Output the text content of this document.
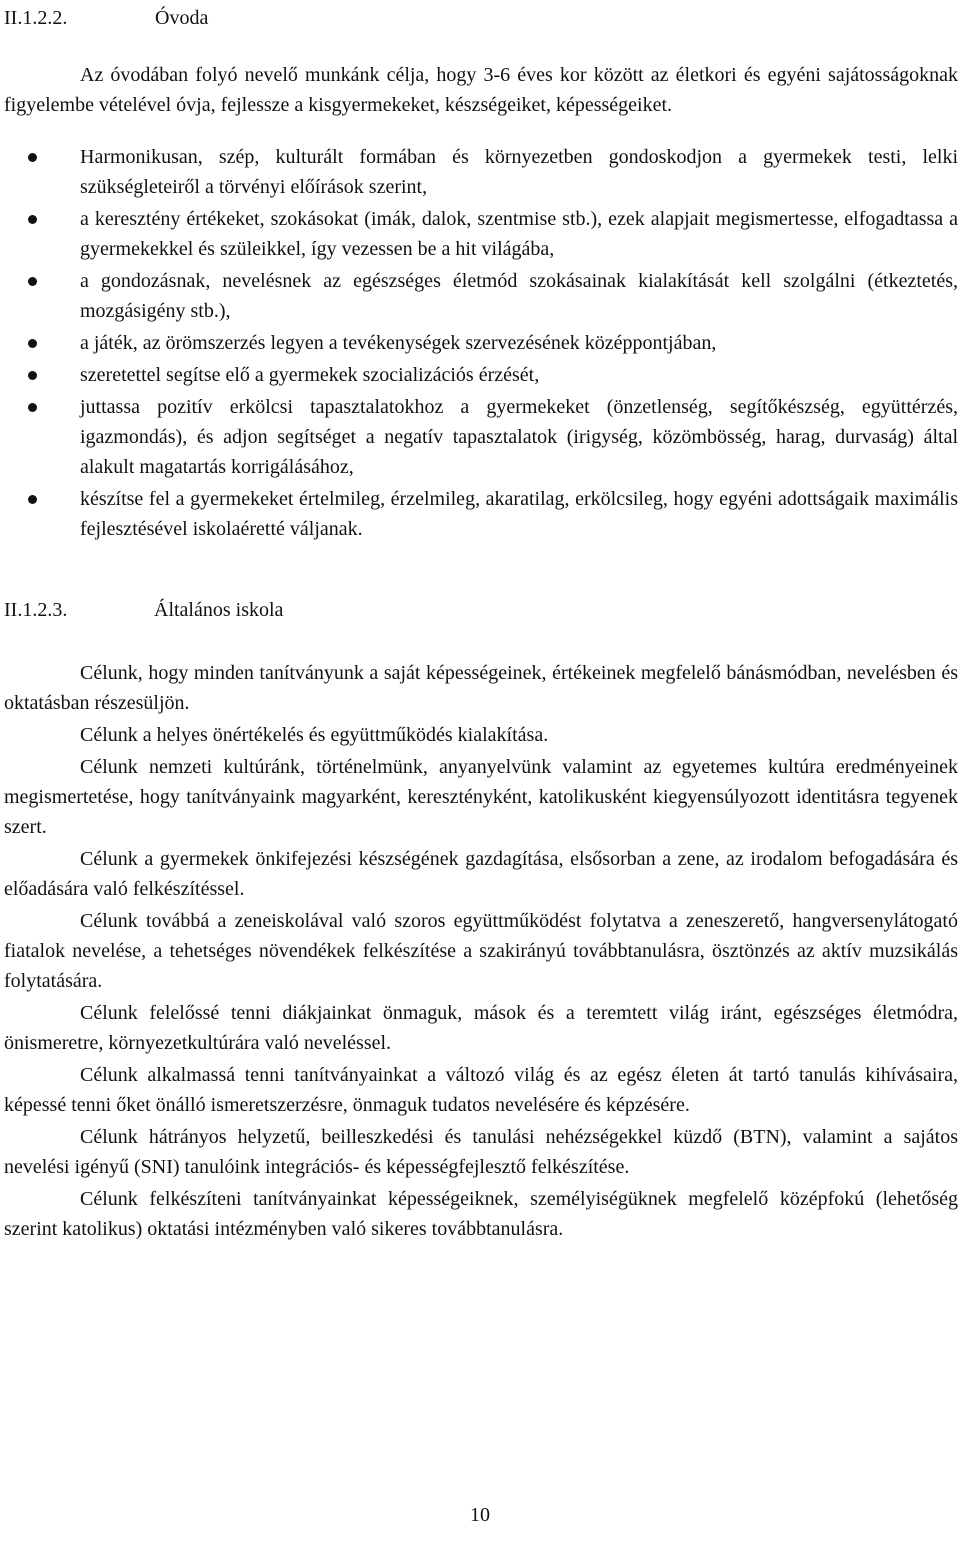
II.1.2.2.	Óvoda

Az óvodában folyó nevelő munkánk célja, hogy 3-6 éves kor között az életkori és egyéni sajátosságoknak figyelembe vételével óvja, fejlessze a kisgyermekeket, készségeiket, képességeiket.

Harmonikusan, szép, kulturált formában és környezetben gondoskodjon a gyermekek testi, lelki szükségleteiről a törvényi előírások szerint,
a keresztény értékeket, szokásokat (imák, dalok, szentmise stb.), ezek alapjait megismertesse, elfogadtassa a gyermekekkel és szüleikkel, így vezessen be a hit világába,
a gondozásnak, nevelésnek az egészséges életmód szokásainak kialakítását kell szolgálni (étkeztetés, mozgásigény stb.),
a játék, az örömszerzés legyen a tevékenységek szervezésének középpontjában,
szeretettel segítse elő a gyermekek szocializációs érzését,
juttassa pozitív erkölcsi tapasztalatokhoz a gyermekeket (önzetlenség, segítőkészség, együttérzés, igazmondás), és adjon segítséget a negatív tapasztalatok (irigység, közömbösség, harag, durvaság) által alakult magatartás korrigálásához,
készítse fel a gyermekeket értelmileg, érzelmileg, akaratilag, erkölcsileg, hogy egyéni adottságaik maximális fejlesztésével iskolaéretté váljanak.
II.1.2.3.	Általános iskola

Célunk, hogy minden tanítványunk a saját képességeinek, értékeinek megfelelő bánásmódban, nevelésben és oktatásban részesüljön.

Célunk a helyes önértékelés és együttműködés kialakítása.

Célunk nemzeti kultúránk, történelmünk, anyanyelvünk valamint az egyetemes kultúra eredményeinek megismertetése, hogy tanítványaink magyarként, keresztényként, katolikusként kiegyensúlyozott identitásra tegyenek szert.

Célunk a gyermekek önkifejezési készségének gazdagítása, elsősorban a zene, az irodalom befogadására és előadására való felkészítéssel.

Célunk továbbá a zeneiskolával való szoros együttműködést folytatva a zeneszerető, hangversenylátogató fiatalok nevelése, a tehetséges növendékek felkészítése a szakirányú továbbtanulásra, ösztönzés az aktív muzsikálás folytatására.

Célunk felelőssé tenni diákjainkat önmaguk, mások és a teremtett világ iránt, egészséges életmódra, önismeretre, környezetkultúrára való neveléssel.

Célunk alkalmassá tenni tanítványainkat a változó világ és az egész életen át tartó tanulás kihívásaira, képessé tenni őket önálló ismeretszerzésre, önmaguk tudatos nevelésére és képzésére.

Célunk hátrányos helyzetű, beilleszkedési és tanulási nehézségekkel küzdő (BTN), valamint a sajátos nevelési igényű (SNI) tanulóink integrációs- és képességfejlesztő felkészítése.

Célunk felkészíteni tanítványainkat képességeiknek, személyiségüknek megfelelő középfokú (lehetőség szerint katolikus) oktatási intézményben való sikeres továbbtanulásra.

10
